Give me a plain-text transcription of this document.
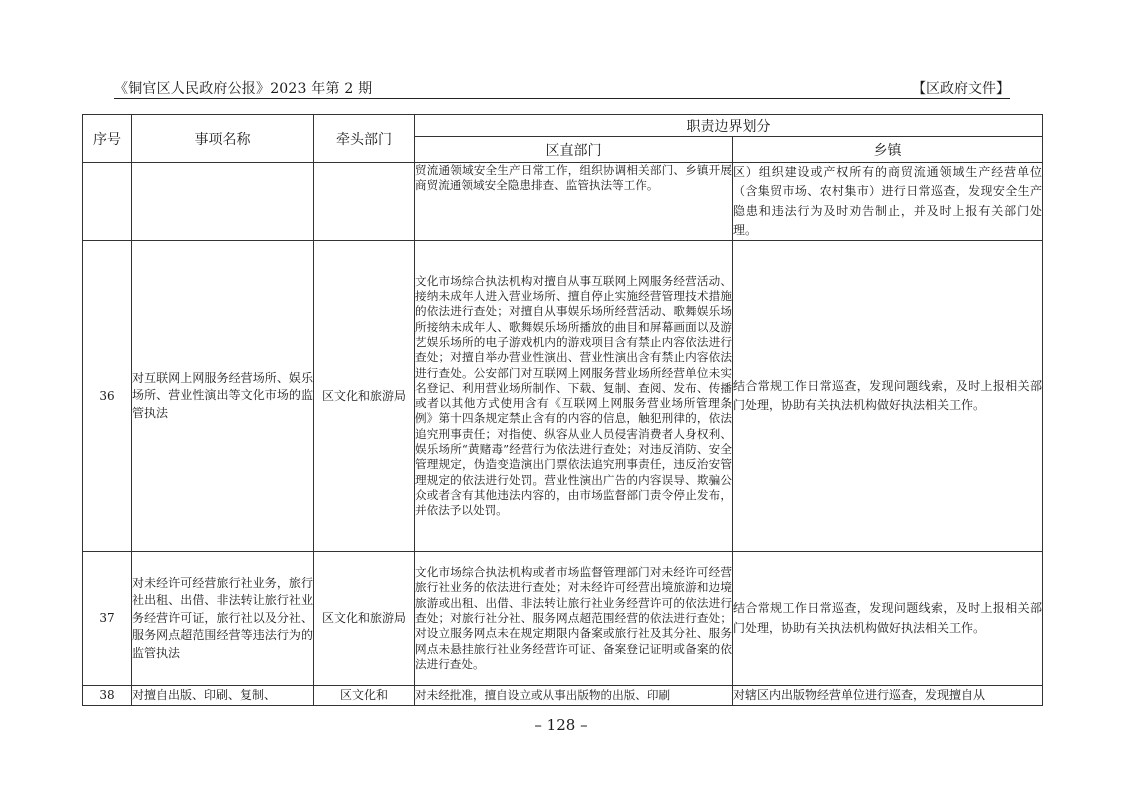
《铜官区人民政府公报》2023 年第 2 期	【区政府文件】
序号	事项名称	牵头部门	职责边界划分	
			区直部门	乡镇
			贸流通领域安全生产日常工作，组织协调相关部门、乡镇开展商贸流通领域安全隐患排查、监管执法等工作。	区）组织建设或产权所有的商贸流通领域生产经营单位（含集贸市场、农村集市）进行日常巡查，发现安全生产隐患和违法行为及时劝告制止，并及时上报有关部门处理。
36	对互联网上网服务经营场所、娱乐场所、营业性演出等文化市场的监管执法	区文化和旅游局	文化市场综合执法机构对擅自从事互联网上网服务经营活动、接纳未成年人进入营业场所、擅自停止实施经营管理技术措施的依法进行查处；对擅自从事娱乐场所经营活动、歌舞娱乐场所接纳未成年人、歌舞娱乐场所播放的曲目和屏幕画面以及游艺娱乐场所的电子游戏机内的游戏项目含有禁止内容依法进行查处；对擅自举办营业性演出、营业性演出含有禁止内容依法进行查处。公安部门对互联网上网服务营业场所经营单位未实名登记、利用营业场所制作、下载、复制、查阅、发布、传播或者以其他方式使用含有《互联网上网服务营业场所管理条例》第十四条规定禁止含有的内容的信息，触犯刑律的，依法追究刑事责任；对指使、纵容从业人员侵害消费者人身权利、娱乐场所“黄赌毒”经营行为依法进行查处；对违反消防、安全管理规定，伪造变造演出门票依法追究刑事责任，违反治安管理规定的依法进行处罚。营业性演出广告的内容误导、欺骗公众或者含有其他违法内容的，由市场监督部门责令停止发布，并依法予以处罚。	结合常规工作日常巡查，发现问题线索，及时上报相关部门处理，协助有关执法机构做好执法相关工作。
37	对未经许可经营旅行社业务，旅行社出租、出借、非法转让旅行社业务经营许可证，旅行社以及分社、服务网点超范围经营等违法行为的监管执法	区文化和旅游局	文化市场综合执法机构或者市场监督管理部门对未经许可经营旅行社业务的依法进行查处；对未经许可经营出境旅游和边境旅游或出租、出借、非法转让旅行社业务经营许可的依法进行查处；对旅行社分社、服务网点超范围经营的依法进行查处；对设立服务网点未在规定期限内备案或旅行社及其分社、服务网点未悬挂旅行社业务经营许可证、备案登记证明或备案的依法进行查处。	结合常规工作日常巡查，发现问题线索，及时上报相关部门处理，协助有关执法机构做好执法相关工作。
38	对擅自出版、印刷、复制、	区文化和	对未经批准，擅自设立或从事出版物的出版、印刷	对辖区内出版物经营单位进行巡查，发现擅自从
– 128 –
